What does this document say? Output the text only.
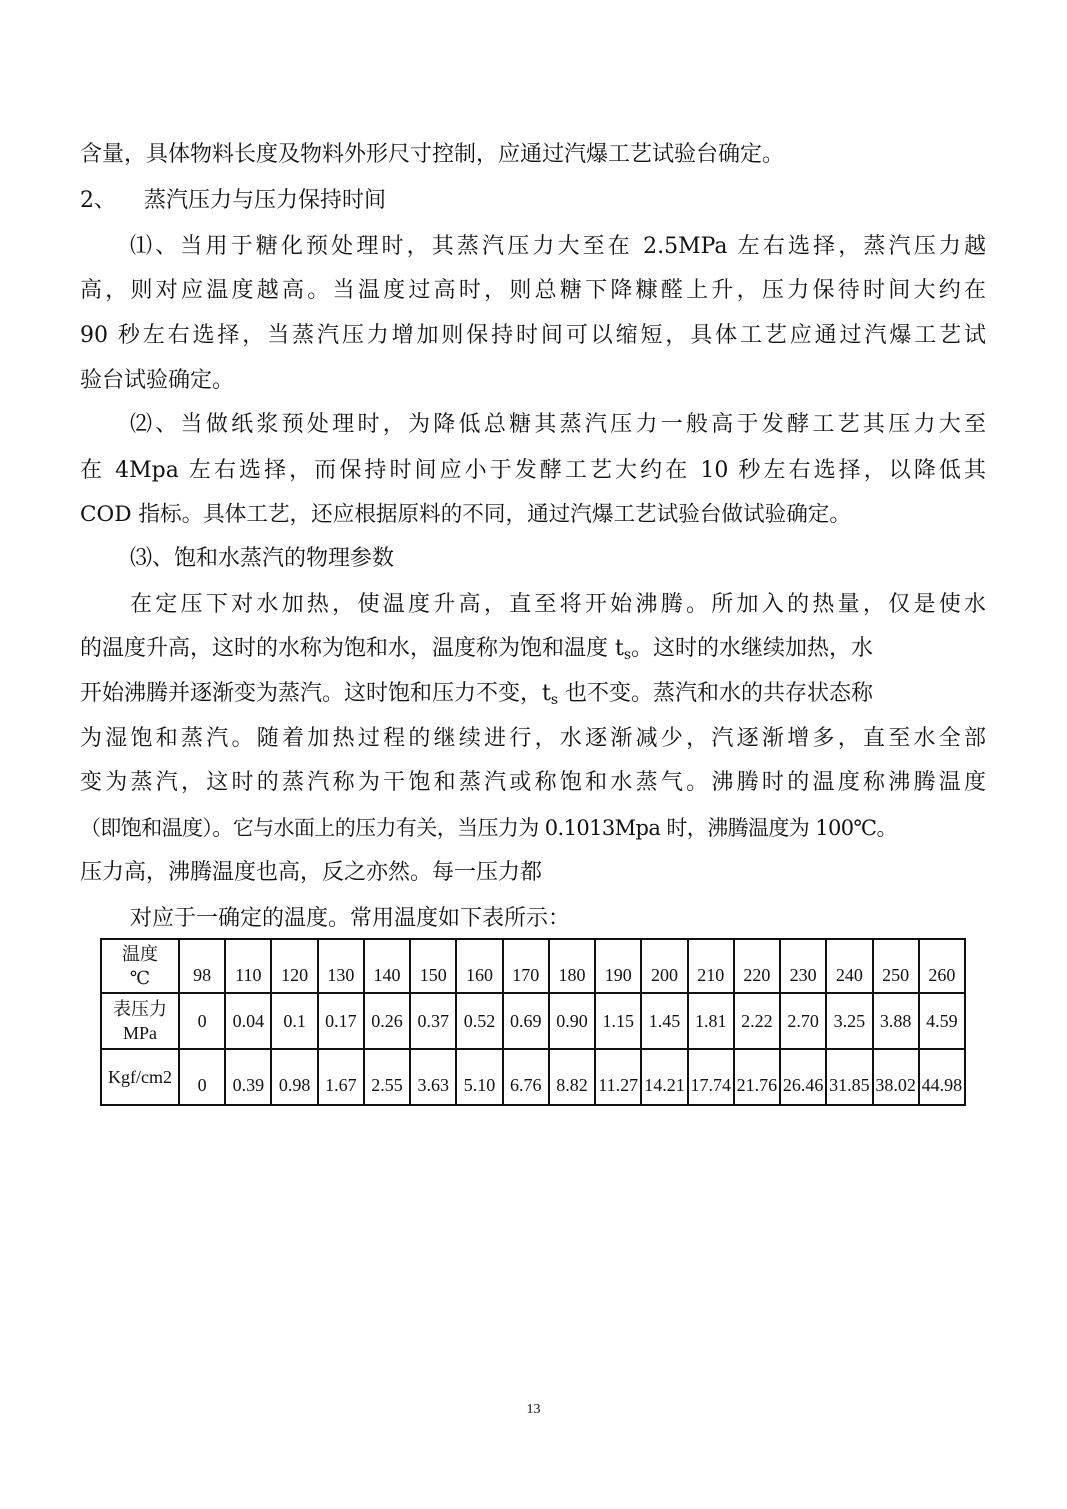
含量，具体物料长度及物料外形尺寸控制，应通过汽爆工艺试验台确定。
2、 蒸汽压力与压力保持时间
⑴、当用于糖化预处理时，其蒸汽压力大至在 2.5MPa 左右选择，蒸汽压力越
高，则对应温度越高。当温度过高时，则总糖下降糠醛上升，压力保待时间大约在
90 秒左右选择，当蒸汽压力增加则保持时间可以缩短，具体工艺应通过汽爆工艺试
验台试验确定。
⑵、当做纸浆预处理时，为降低总糖其蒸汽压力一般高于发酵工艺其压力大至
在 4Mpa 左右选择，而保持时间应小于发酵工艺大约在 10 秒左右选择，以降低其
COD 指标。具体工艺，还应根据原料的不同，通过汽爆工艺试验台做试验确定。
⑶、饱和水蒸汽的物理参数
在定压下对水加热，使温度升高，直至将开始沸腾。所加入的热量，仅是使水
的温度升高，这时的水称为饱和水，温度称为饱和温度 $t_s$。这时的水继续加热，水
开始沸腾并逐渐变为蒸汽。这时饱和压力不变，$t_s$ 也不变。蒸汽和水的共存状态称
为湿饱和蒸汽。随着加热过程的继续进行，水逐渐减少，汽逐渐增多，直至水全部
变为蒸汽，这时的蒸汽称为干饱和蒸汽或称饱和水蒸气。沸腾时的温度称沸腾温度
（即饱和温度）。它与水面上的压力有关，当压力为 0.1013Mpa 时，沸腾温度为 100℃。
压力高，沸腾温度也高，反之亦然。每一压力都
对应于一确定的温度。常用温度如下表所示：
温度
℃	98	110	120	130	140	150	160	170	180	190	200	210	220	230	240	250	260
表压力
MPa	0	0.04	0.1	0.17	0.26	0.37	0.52	0.69	0.90	1.15	1.45	1.81	2.22	2.70	3.25	3.88	4.59
Kgf/cm2	0	0.39	0.98	1.67	2.55	3.63	5.10	6.76	8.82	11.27	14.21	17.74	21.76	26.46	31.85	38.02	44.98
13
